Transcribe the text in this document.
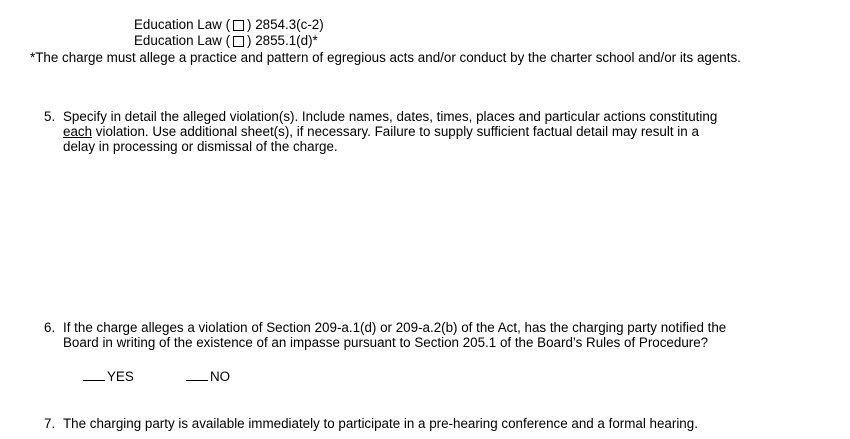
Education Law ( ) 2854.3(c-2)
Education Law ( ) 2855.1(d)*
*The charge must allege a practice and pattern of egregious acts and/or conduct by the charter school and/or its agents.
5. Specify in detail the alleged violation(s). Include names, dates, times, places and particular actions constituting
each violation. Use additional sheet(s), if necessary. Failure to supply sufficient factual detail may result in a
delay in processing or dismissal of the charge.
6. If the charge alleges a violation of Section 209-a.1(d) or 209-a.2(b) of the Act, has the charging party notified the
Board in writing of the existence of an impasse pursuant to Section 205.1 of the Board’s Rules of Procedure?
YES	NO
7. The charging party is available immediately to participate in a pre-hearing conference and a formal hearing.
